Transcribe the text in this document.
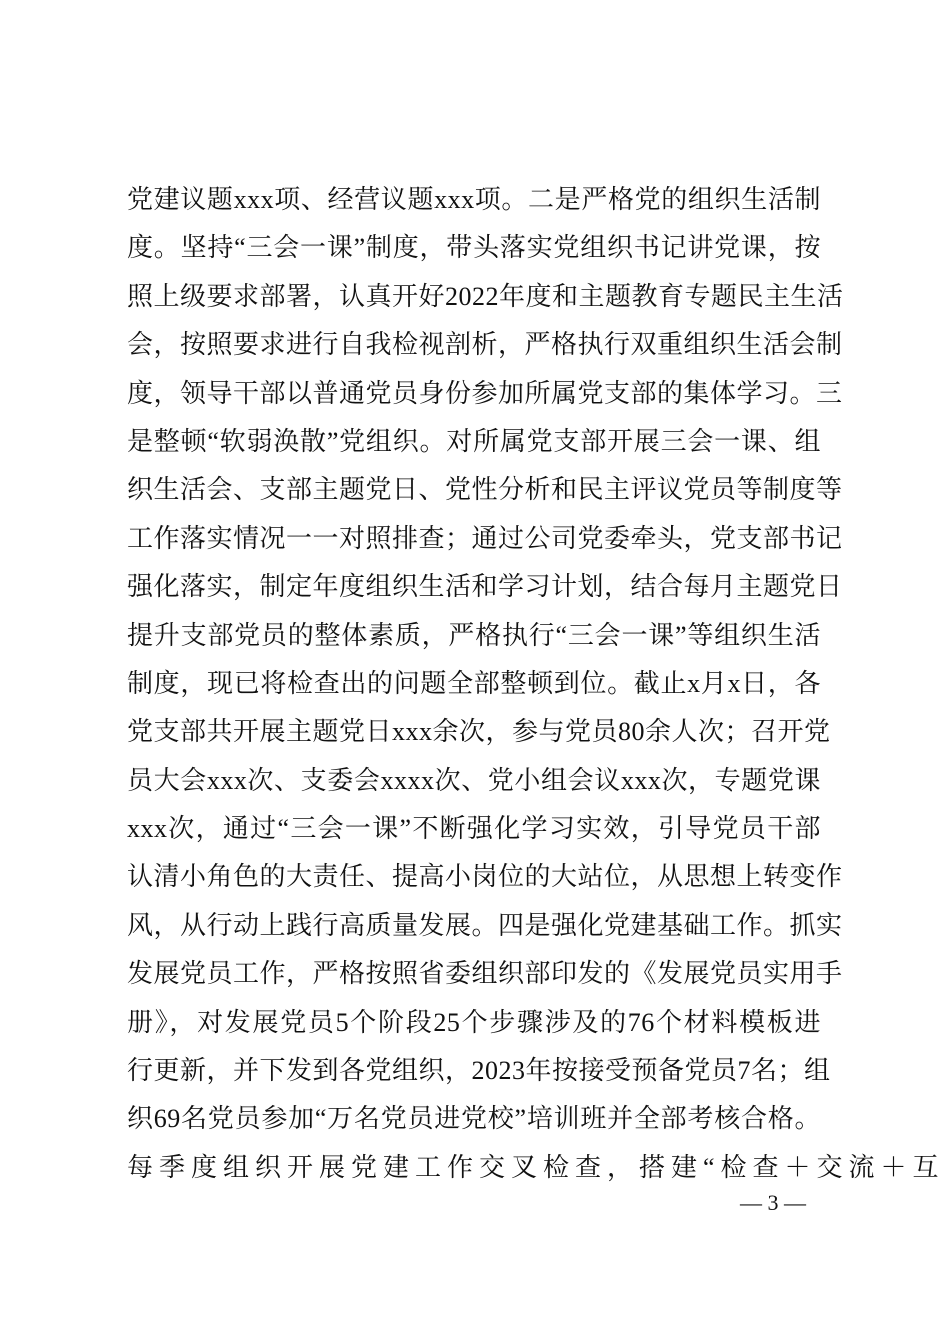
党建议题xxx项、经营议题xxx项。二是严格党的组织生活制
度。坚持“三会一课”制度，带头落实党组织书记讲党课，按
照上级要求部署，认真开好2022年度和主题教育专题民主生活
会，按照要求进行自我检视剖析，严格执行双重组织生活会制
度，领导干部以普通党员身份参加所属党支部的集体学习。三
是整顿“软弱涣散”党组织。对所属党支部开展三会一课、组
织生活会、支部主题党日、党性分析和民主评议党员等制度等
工作落实情况一一对照排查；通过公司党委牵头，党支部书记
强化落实，制定年度组织生活和学习计划，结合每月主题党日
提升支部党员的整体素质，严格执行“三会一课”等组织生活
制度，现已将检查出的问题全部整顿到位。截止x月x日，各
党支部共开展主题党日xxx余次，参与党员80余人次；召开党
员大会xxx次、支委会xxxx次、党小组会议xxx次，专题党课
xxx次，通过“三会一课”不断强化学习实效，引导党员干部
认清小角色的大责任、提高小岗位的大站位，从思想上转变作
风，从行动上践行高质量发展。四是强化党建基础工作。抓实
发展党员工作，严格按照省委组织部印发的《发展党员实用手
册》，对发展党员5个阶段25个步骤涉及的76个材料模板进
行更新，并下发到各党组织，2023年按接受预备党员7名；组
织69名党员参加“万名党员进党校”培训班并全部考核合格。
每季度组织开展党建工作交叉检查，搭建“检查＋交流＋互
— 3 —
